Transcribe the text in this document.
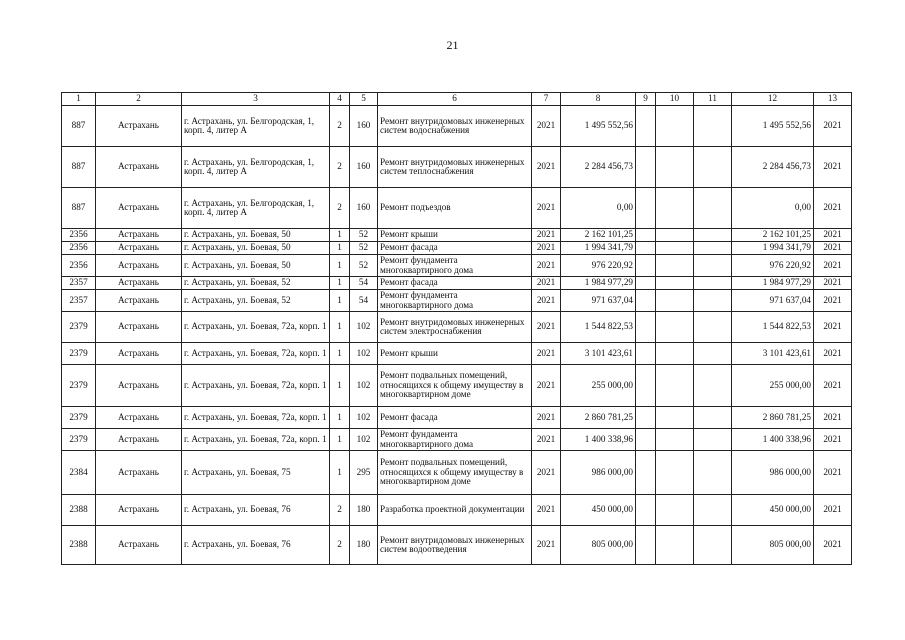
21
1	2	3	4	5	6	7	8	9	10	11	12	13
887	Астрахань	г. Астрахань, ул. Белгородская, 1, корп. 4, литер А	2	160	Ремонт внутридомовых инженерных систем водоснабжения	2021	1 495 552,56				1 495 552,56	2021
887	Астрахань	г. Астрахань, ул. Белгородская, 1, корп. 4, литер А	2	160	Ремонт внутридомовых инженерных систем теплоснабжения	2021	2 284 456,73				2 284 456,73	2021
887	Астрахань	г. Астрахань, ул. Белгородская, 1, корп. 4, литер А	2	160	Ремонт подъездов	2021	0,00				0,00	2021
2356	Астрахань	г. Астрахань, ул. Боевая, 50	1	52	Ремонт крыши	2021	2 162 101,25				2 162 101,25	2021
2356	Астрахань	г. Астрахань, ул. Боевая, 50	1	52	Ремонт фасада	2021	1 994 341,79				1 994 341,79	2021
2356	Астрахань	г. Астрахань, ул. Боевая, 50	1	52	Ремонт фундамента многоквартирного дома	2021	976 220,92				976 220,92	2021
2357	Астрахань	г. Астрахань, ул. Боевая, 52	1	54	Ремонт фасада	2021	1 984 977,29				1 984 977,29	2021
2357	Астрахань	г. Астрахань, ул. Боевая, 52	1	54	Ремонт фундамента многоквартирного дома	2021	971 637,04				971 637,04	2021
2379	Астрахань	г. Астрахань, ул. Боевая, 72а, корп. 1	1	102	Ремонт внутридомовых инженерных систем электроснабжения	2021	1 544 822,53				1 544 822,53	2021
2379	Астрахань	г. Астрахань, ул. Боевая, 72а, корп. 1	1	102	Ремонт крыши	2021	3 101 423,61				3 101 423,61	2021
2379	Астрахань	г. Астрахань, ул. Боевая, 72а, корп. 1	1	102	Ремонт подвальных помещений, относящихся к общему имуществу в многоквартирном доме	2021	255 000,00				255 000,00	2021
2379	Астрахань	г. Астрахань, ул. Боевая, 72а, корп. 1	1	102	Ремонт фасада	2021	2 860 781,25				2 860 781,25	2021
2379	Астрахань	г. Астрахань, ул. Боевая, 72а, корп. 1	1	102	Ремонт фундамента многоквартирного дома	2021	1 400 338,96				1 400 338,96	2021
2384	Астрахань	г. Астрахань, ул. Боевая, 75	1	295	Ремонт подвальных помещений, относящихся к общему имуществу в многоквартирном доме	2021	986 000,00				986 000,00	2021
2388	Астрахань	г. Астрахань, ул. Боевая, 76	2	180	Разработка проектной документации	2021	450 000,00				450 000,00	2021
2388	Астрахань	г. Астрахань, ул. Боевая, 76	2	180	Ремонт внутридомовых инженерных систем водоотведения	2021	805 000,00				805 000,00	2021
